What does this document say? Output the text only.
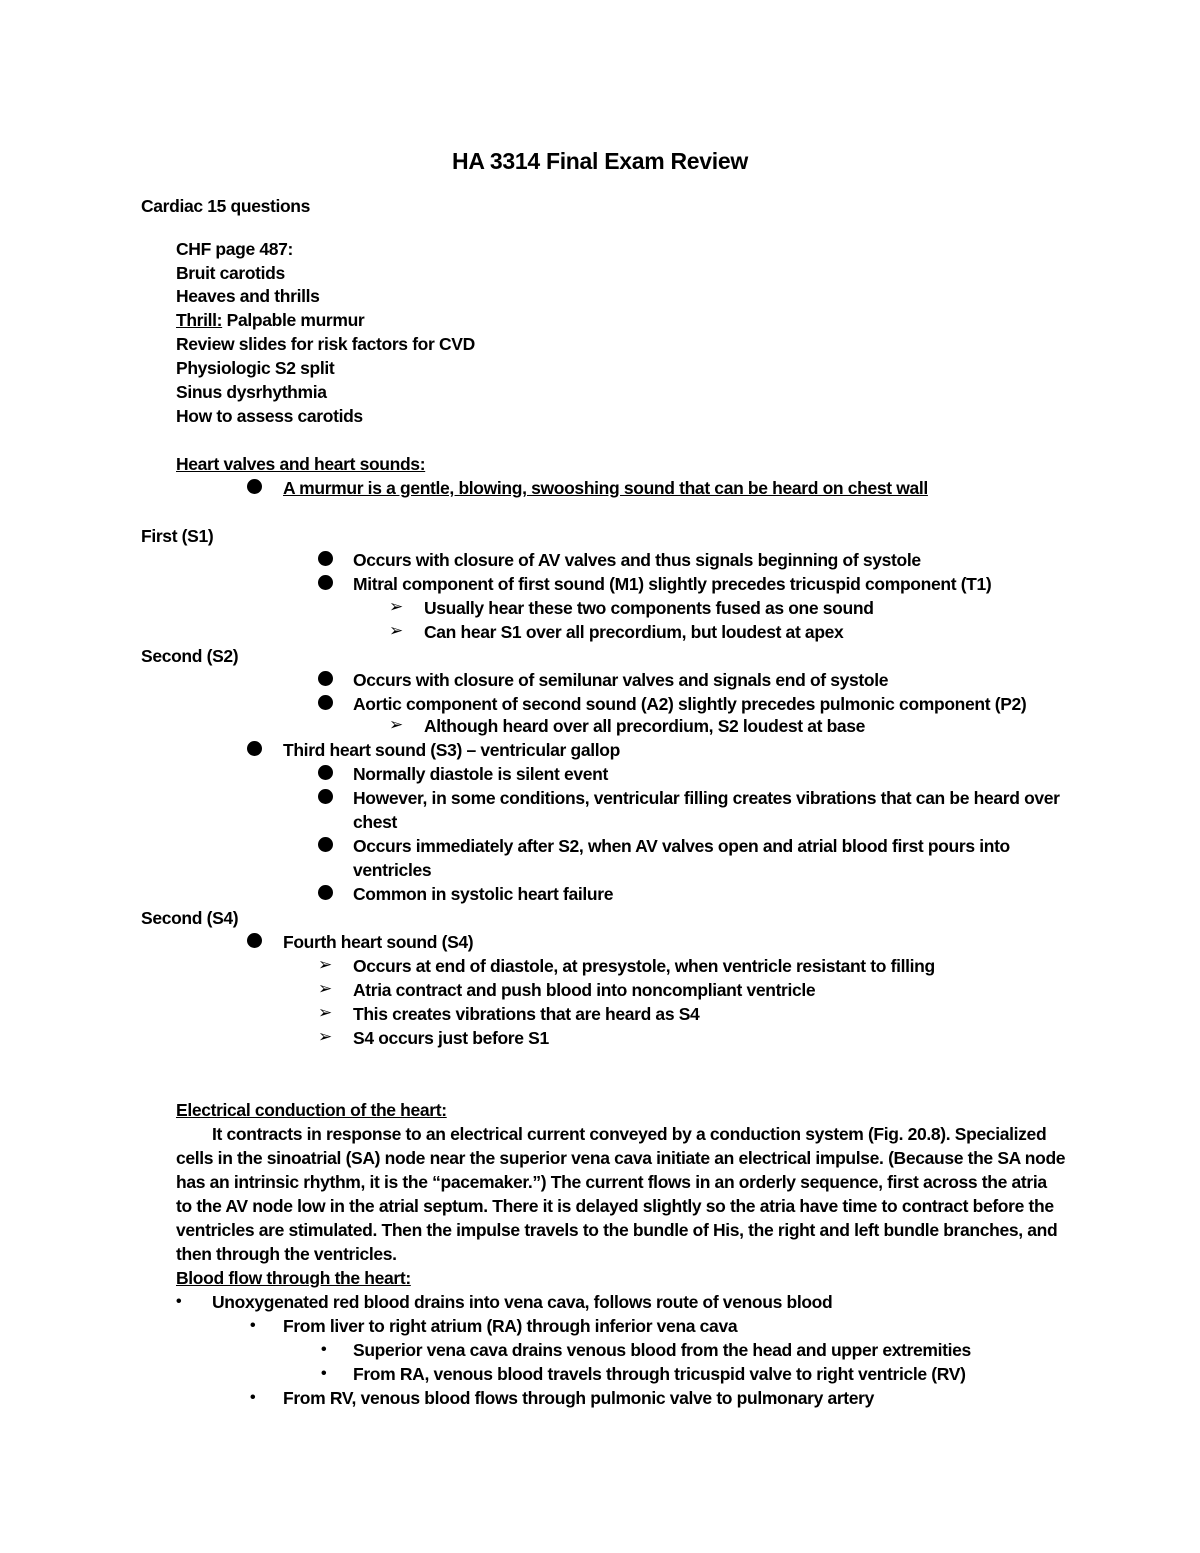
HA 3314 Final Exam Review
Cardiac 15 questions
CHF page 487:
Bruit carotids
Heaves and thrills
Thrill: Palpable murmur
Review slides for risk factors for CVD
Physiologic S2 split
Sinus dysrhythmia
How to assess carotids
Heart valves and heart sounds:
A murmur is a gentle, blowing, swooshing sound that can be heard on chest wall
First (S1)
Occurs with closure of AV valves and thus signals beginning of systole
Mitral component of first sound (M1) slightly precedes tricuspid component (T1)
➢ Usually hear these two components fused as one sound
➢ Can hear S1 over all precordium, but loudest at apex
Second (S2)
Occurs with closure of semilunar valves and signals end of systole
Aortic component of second sound (A2) slightly precedes pulmonic component (P2)
➢ Although heard over all precordium, S2 loudest at base
Third heart sound (S3) – ventricular gallop
Normally diastole is silent event
However, in some conditions, ventricular filling creates vibrations that can be heard over
chest
Occurs immediately after S2, when AV valves open and atrial blood first pours into
ventricles
Common in systolic heart failure
Second (S4)
Fourth heart sound (S4)
➢ Occurs at end of diastole, at presystole, when ventricle resistant to filling
➢ Atria contract and push blood into noncompliant ventricle
➢ This creates vibrations that are heard as S4
➢ S4 occurs just before S1
Electrical conduction of the heart:
It contracts in response to an electrical current conveyed by a conduction system (Fig. 20.8). Specialized cells in the sinoatrial (SA) node near the superior vena cava initiate an electrical impulse. (Because the SA node has an intrinsic rhythm, it is the “pacemaker.”) The current flows in an orderly sequence, first across the atria to the AV node low in the atrial septum. There it is delayed slightly so the atria have time to contract before the ventricles are stimulated. Then the impulse travels to the bundle of His, the right and left bundle branches, and then through the ventricles.
Blood flow through the heart:
• Unoxygenated red blood drains into vena cava, follows route of venous blood
• From liver to right atrium (RA) through inferior vena cava
• Superior vena cava drains venous blood from the head and upper extremities
• From RA, venous blood travels through tricuspid valve to right ventricle (RV)
• From RV, venous blood flows through pulmonic valve to pulmonary artery
